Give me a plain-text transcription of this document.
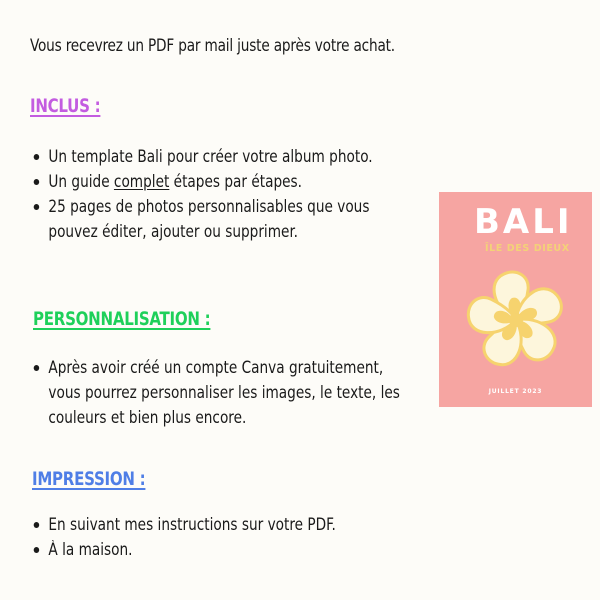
Vous recevrez un PDF par mail juste après votre achat.
INCLUS :
Un template Bali pour créer votre album photo.
Un guide complet étapes par étapes.
25 pages de photos personnalisables que vous pouvez éditer, ajouter ou supprimer.
PERSONNALISATION :
Après avoir créé un compte Canva gratuitement, vous pourrez personnaliser les images, le texte, les couleurs et bien plus encore.
IMPRESSION :
En suivant mes instructions sur votre PDF.
À la maison.
BALI
ÎLE DES DIEUX
JUILLET 2023
